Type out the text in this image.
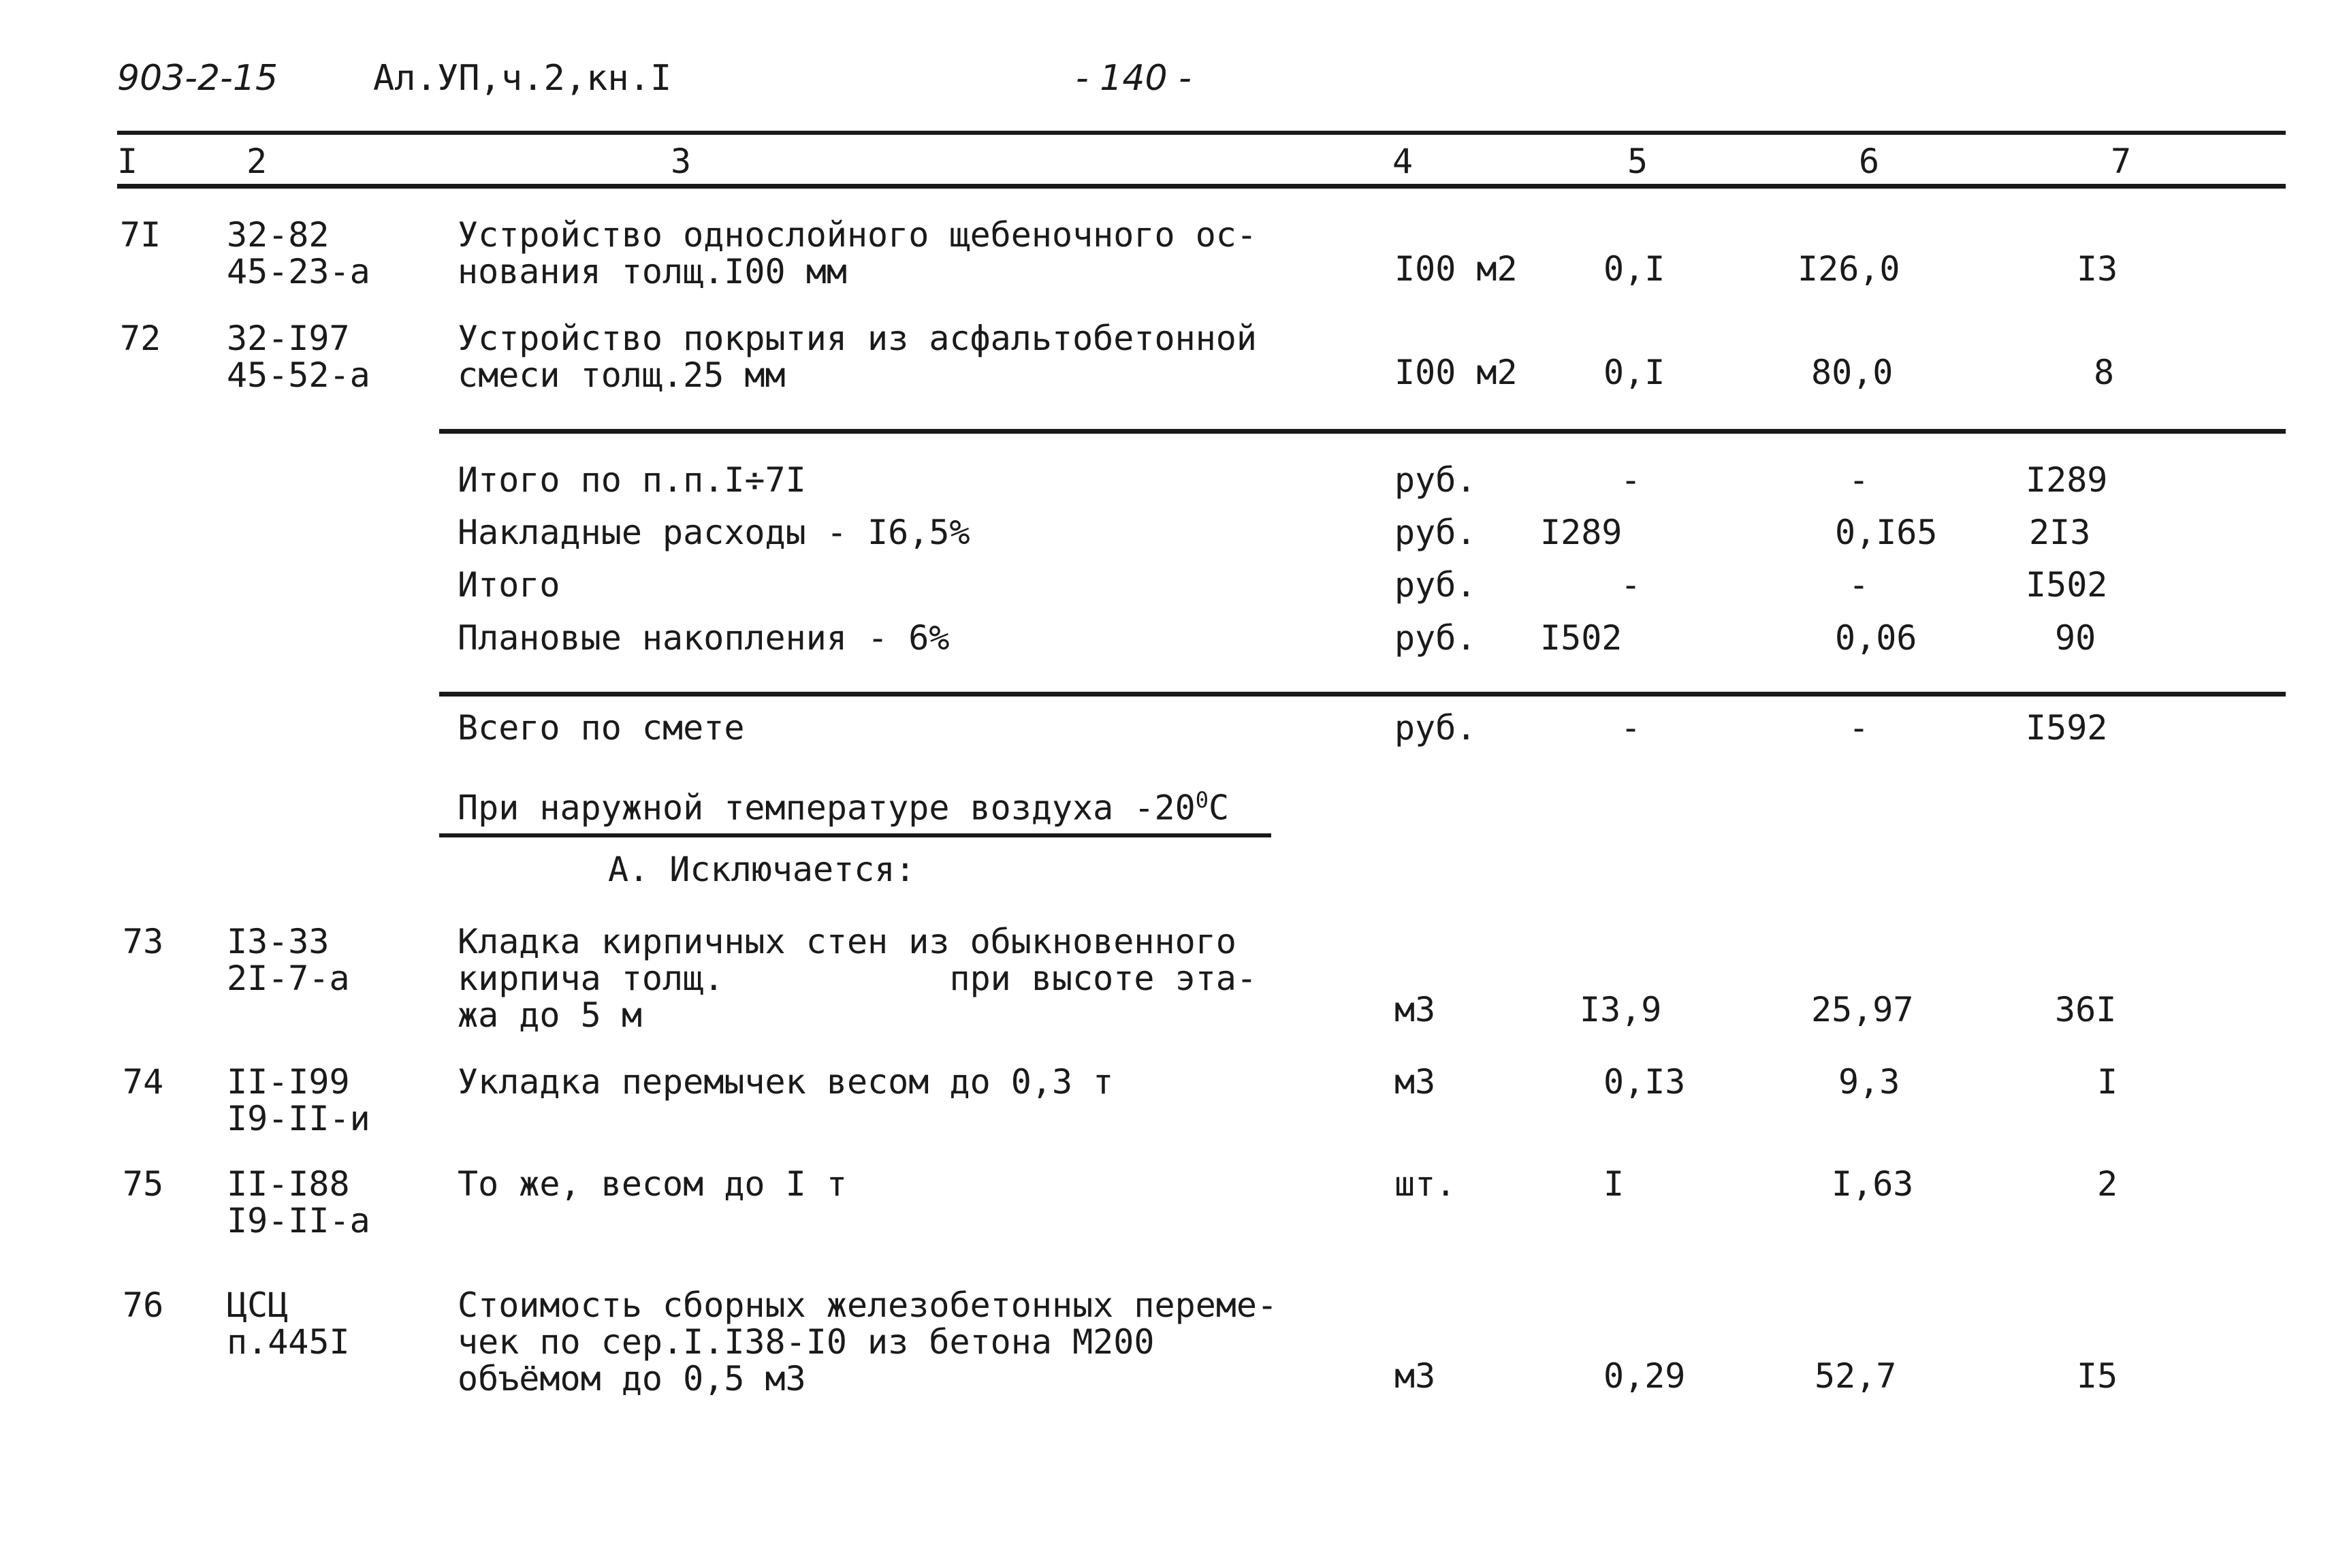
903-2-15	Ал.УП,ч.2,кн.I	- 140 -
I	2	3	4	5	6	7
7I 32-82
45-23-а
Устройство однослойного щебеночного ос-
нования толщ.I00 мм	I00 м2	0,I	I26,0	I3
72 32-I97
45-52-а
Устройство покрытия из асфальтобетонной
смеси толщ.25 мм	I00 м2	0,I	80,0	8
Итого по п.п.I÷7I	руб.	-	-	I289
Накладные расходы - I6,5%	руб. I289	0,I65	2I3
Итого	руб.	-	-	I502
Плановые накопления - 6%	руб. I502	0,06	90
Всего по смете	руб.	-	-	I592
При наружной температуре воздуха $-20^0С$
А. Исключается:
73 I3-33
2I-7-а
Кладка кирпичных стен из обыкновенного
кирпича толщ.           при высоте эта-
жа до 5 м	м3	I3,9	25,97	36I
74 II-I99
I9-II-и
Укладка перемычек весом до 0,3 т	м3	0,I3	9,3	I
75 II-I88
I9-II-а
То же, весом до I т	шт.	I	I,63	2
76 ЦСЦ
п.445I
Стоимость сборных железобетонных переме-
чек по сер.I.I38-I0 из бетона М200
объёмом до 0,5 м3	м3	0,29	52,7	I5
